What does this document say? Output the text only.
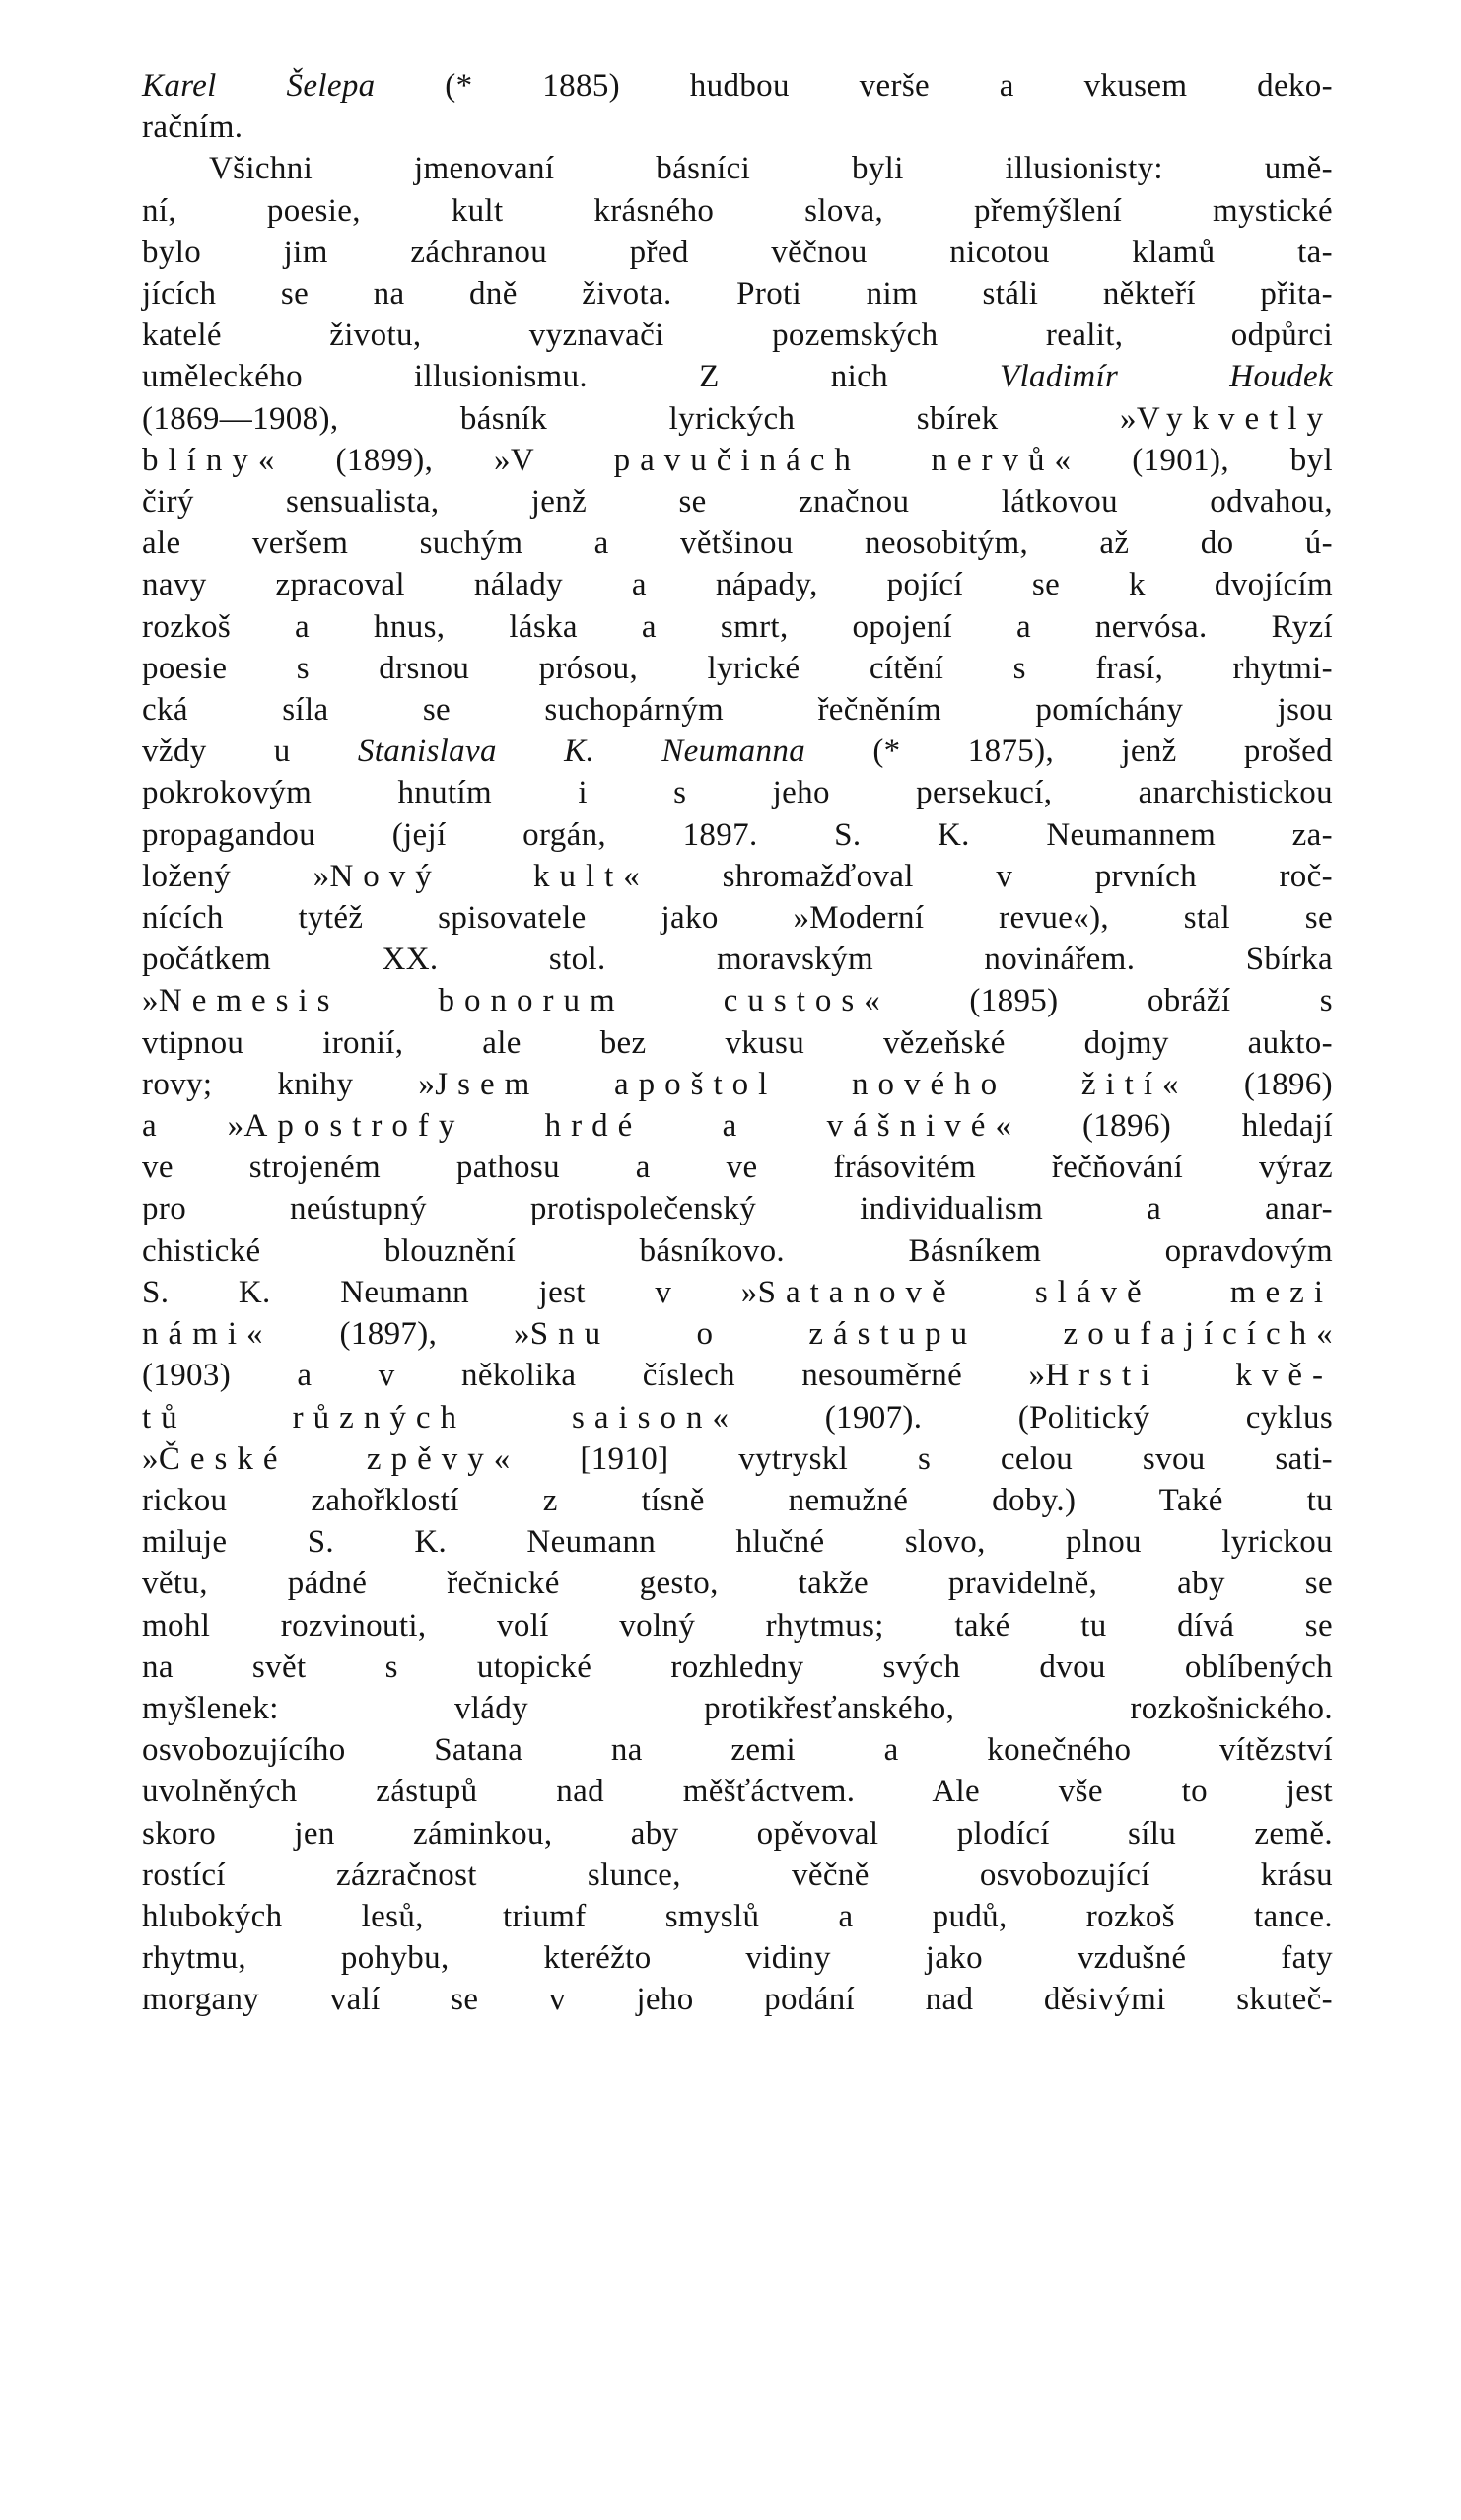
Karel Šelepa (* 1885) hudbou verše a vkusem deko-
račním.
Všichni jmenovaní básníci byli illusionisty: umě-
ní, poesie, kult krásného slova, přemýšlení mystické
bylo jim záchranou před věčnou nicotou klamů ta-
jících se na dně života. Proti nim stáli někteří přita-
katelé životu, vyznavači pozemských realit, odpůrci
uměleckého illusionismu. Z nich Vladimír Houdek
(1869—1908), básník lyrických sbírek »Vykvetly
blíny« (1899), »V pavučinách nervů« (1901), byl
čirý sensualista, jenž se značnou látkovou odvahou,
ale veršem suchým a většinou neosobitým, až do ú-
navy zpracoval nálady a nápady, pojící se k dvojícím
rozkoš a hnus, láska a smrt, opojení a nervósa. Ryzí
poesie s drsnou prósou, lyrické cítění s frasí, rhytmi-
cká síla se suchopárným řečněním pomíchány jsou
vždy u Stanislava K. Neumanna (* 1875), jenž prošed
pokrokovým hnutím i s jeho persekucí, anarchistickou
propagandou (její orgán, 1897. S. K. Neumannem za-
ložený »Nový kult« shromažďoval v prvních roč-
nících tytéž spisovatele jako »Moderní revue«), stal se
počátkem XX. stol. moravským novinářem. Sbírka
»Nemesis bonorum custos« (1895) obráží s
vtipnou ironií, ale bez vkusu vězeňské dojmy aukto-
rovy; knihy »Jsem apoštol nového žití« (1896)
a »Apostrofy hrdé a vášnivé« (1896) hledají
ve strojeném pathosu a ve frásovitém řečňování výraz
pro neústupný protispolečenský individualism a anar-
chistické blouznění básníkovo. Básníkem opravdovým
S. K. Neumann jest v »Satanově slávě mezi
námi« (1897), »Snu o zástupu zoufajících«
(1903) a v několika číslech nesouměrné »Hrsti kvě-
tů různých saison« (1907). (Politický cyklus
»České zpěvy« [1910] vytryskl s celou svou sati-
rickou zahořklostí z tísně nemužné doby.) Také tu
miluje S. K. Neumann hlučné slovo, plnou lyrickou
větu, pádné řečnické gesto, takže pravidelně, aby se
mohl rozvinouti, volí volný rhytmus; také tu dívá se
na svět s utopické rozhledny svých dvou oblíbených
myšlenek: vlády protikřesťanského, rozkošnického.
osvobozujícího Satana na zemi a konečného vítězství
uvolněných zástupů nad měšťáctvem. Ale vše to jest
skoro jen záminkou, aby opěvoval plodící sílu země.
rostící zázračnost slunce, věčně osvobozující krásu
hlubokých lesů, triumf smyslů a pudů, rozkoš tance.
rhytmu, pohybu, kteréžto vidiny jako vzdušné faty
morgany valí se v jeho podání nad děsivými skuteč-
